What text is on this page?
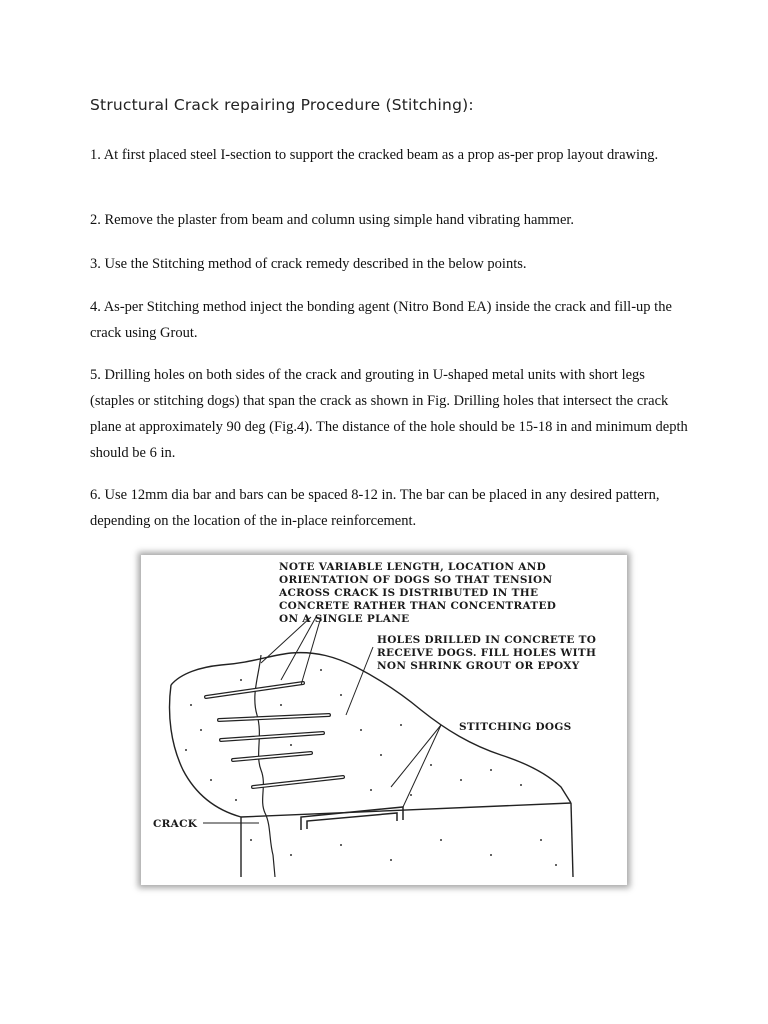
Structural Crack repairing Procedure (Stitching):

1. At first placed steel I-section to support the cracked beam as a prop as-per prop layout drawing.

2. Remove the plaster from beam and column using simple hand vibrating hammer.

3. Use the Stitching method of crack remedy described in the below points.

4. As-per Stitching method inject the bonding agent (Nitro Bond EA) inside the crack and fill-up the crack using Grout.

5. Drilling holes on both sides of the crack and grouting in U-shaped metal units with short legs (staples or stitching dogs) that span the crack as shown in Fig. Drilling holes that intersect the crack plane at approximately 90 deg (Fig.4). The distance of the hole should be 15-18 in and minimum depth should be 6 in.

6. Use 12mm dia bar and bars can be spaced 8-12 in. The bar can be placed in any desired pattern, depending on the location of the in-place reinforcement.

NOTE VARIABLE LENGTH, LOCATION AND
ORIENTATION OF DOGS SO THAT TENSION
ACROSS CRACK IS DISTRIBUTED IN THE
CONCRETE RATHER THAN CONCENTRATED
ON A SINGLE PLANE
HOLES DRILLED IN CONCRETE TO
RECEIVE DOGS. FILL HOLES WITH
NON SHRINK GROUT OR EPOXY
STITCHING DOGS
CRACK
